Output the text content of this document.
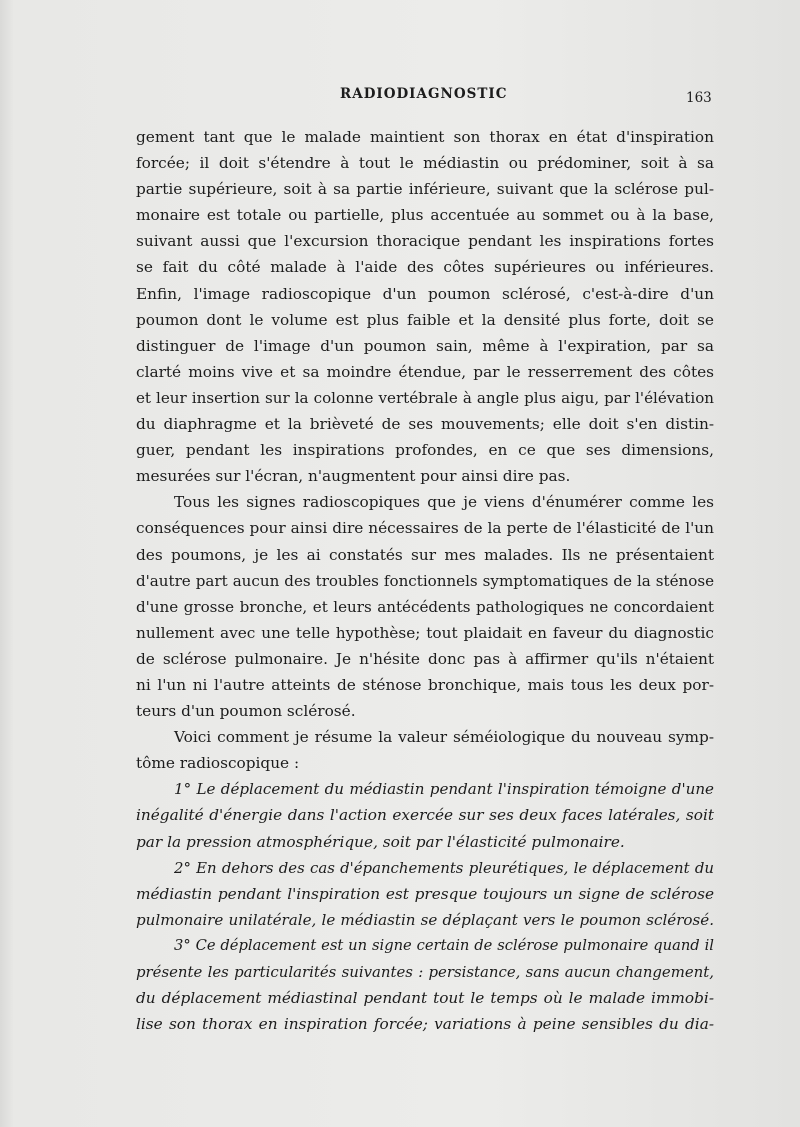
RADIODIAGNOSTIC	163
gement tant que le malade maintient son thorax en état d'inspiration
forcée; il doit s'étendre à tout le médiastin ou prédominer, soit à sa
partie supérieure, soit à sa partie inférieure, suivant que la sclérose pul-
monaire est totale ou partielle, plus accentuée au sommet ou à la base,
suivant aussi que l'excursion thoracique pendant les inspirations fortes
se fait du côté malade à l'aide des côtes supérieures ou inférieures.
Enfin, l'image radioscopique d'un poumon sclérosé, c'est-à-dire d'un
poumon dont le volume est plus faible et la densité plus forte, doit se
distinguer de l'image d'un poumon sain, même à l'expiration, par sa
clarté moins vive et sa moindre étendue, par le resserrement des côtes
et leur insertion sur la colonne vertébrale à angle plus aigu, par l'élévation
du diaphragme et la brièveté de ses mouvements; elle doit s'en distin-
guer, pendant les inspirations profondes, en ce que ses dimensions,
mesurées sur l'écran, n'augmentent pour ainsi dire pas.
Tous les signes radioscopiques que je viens d'énumérer comme les
conséquences pour ainsi dire nécessaires de la perte de l'élasticité de l'un
des poumons, je les ai constatés sur mes malades. Ils ne présentaient
d'autre part aucun des troubles fonctionnels symptomatiques de la sténose
d'une grosse bronche, et leurs antécédents pathologiques ne concordaient
nullement avec une telle hypothèse; tout plaidait en faveur du diagnostic
de sclérose pulmonaire. Je n'hésite donc pas à affirmer qu'ils n'étaient
ni l'un ni l'autre atteints de sténose bronchique, mais tous les deux por-
teurs d'un poumon sclérosé.
Voici comment je résume la valeur séméiologique du nouveau symp-
tôme radioscopique :
1° Le déplacement du médiastin pendant l'inspiration témoigne d'une
inégalité d'énergie dans l'action exercée sur ses deux faces latérales, soit
par la pression atmosphérique, soit par l'élasticité pulmonaire.
2° En dehors des cas d'épanchements pleurétiques, le déplacement du
médiastin pendant l'inspiration est presque toujours un signe de sclérose
pulmonaire unilatérale, le médiastin se déplaçant vers le poumon sclérosé.
3° Ce déplacement est un signe certain de sclérose pulmonaire quand il
présente les particularités suivantes : persistance, sans aucun changement,
du déplacement médiastinal pendant tout le temps où le malade immobi-
lise son thorax en inspiration forcée; variations à peine sensibles du dia-
